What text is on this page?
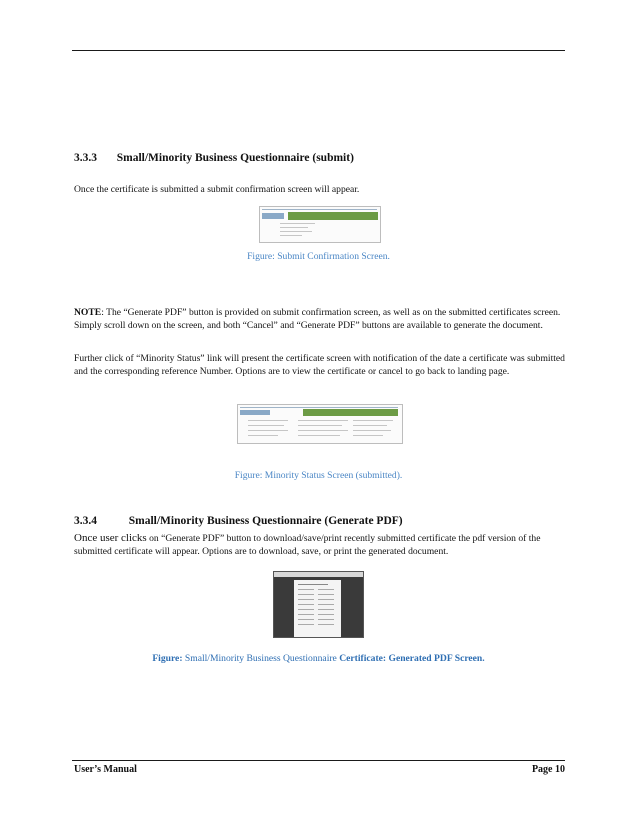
3.3.3 Small/Minority Business Questionnaire (submit)
Once the certificate is submitted a submit confirmation screen will appear.
Figure: Submit Confirmation Screen.
NOTE: The “Generate PDF” button is provided on submit confirmation screen, as well as on the submitted certificates screen. Simply scroll down on the screen, and both “Cancel” and “Generate PDF” buttons are available to generate the document.
Further click of “Minority Status” link will present the certificate screen with notification of the date a certificate was submitted and the corresponding reference Number. Options are to view the certificate or cancel to go back to landing page.
Figure: Minority Status Screen (submitted).
3.3.4	Small/Minority Business Questionnaire (Generate PDF)
Once user clicks on “Generate PDF” button to download/save/print recently submitted certificate the pdf version of the submitted certificate will appear. Options are to download, save, or print the generated document.
Figure: Small/Minority Business Questionnaire Certificate: Generated PDF Screen.
User’s Manual	Page 10
